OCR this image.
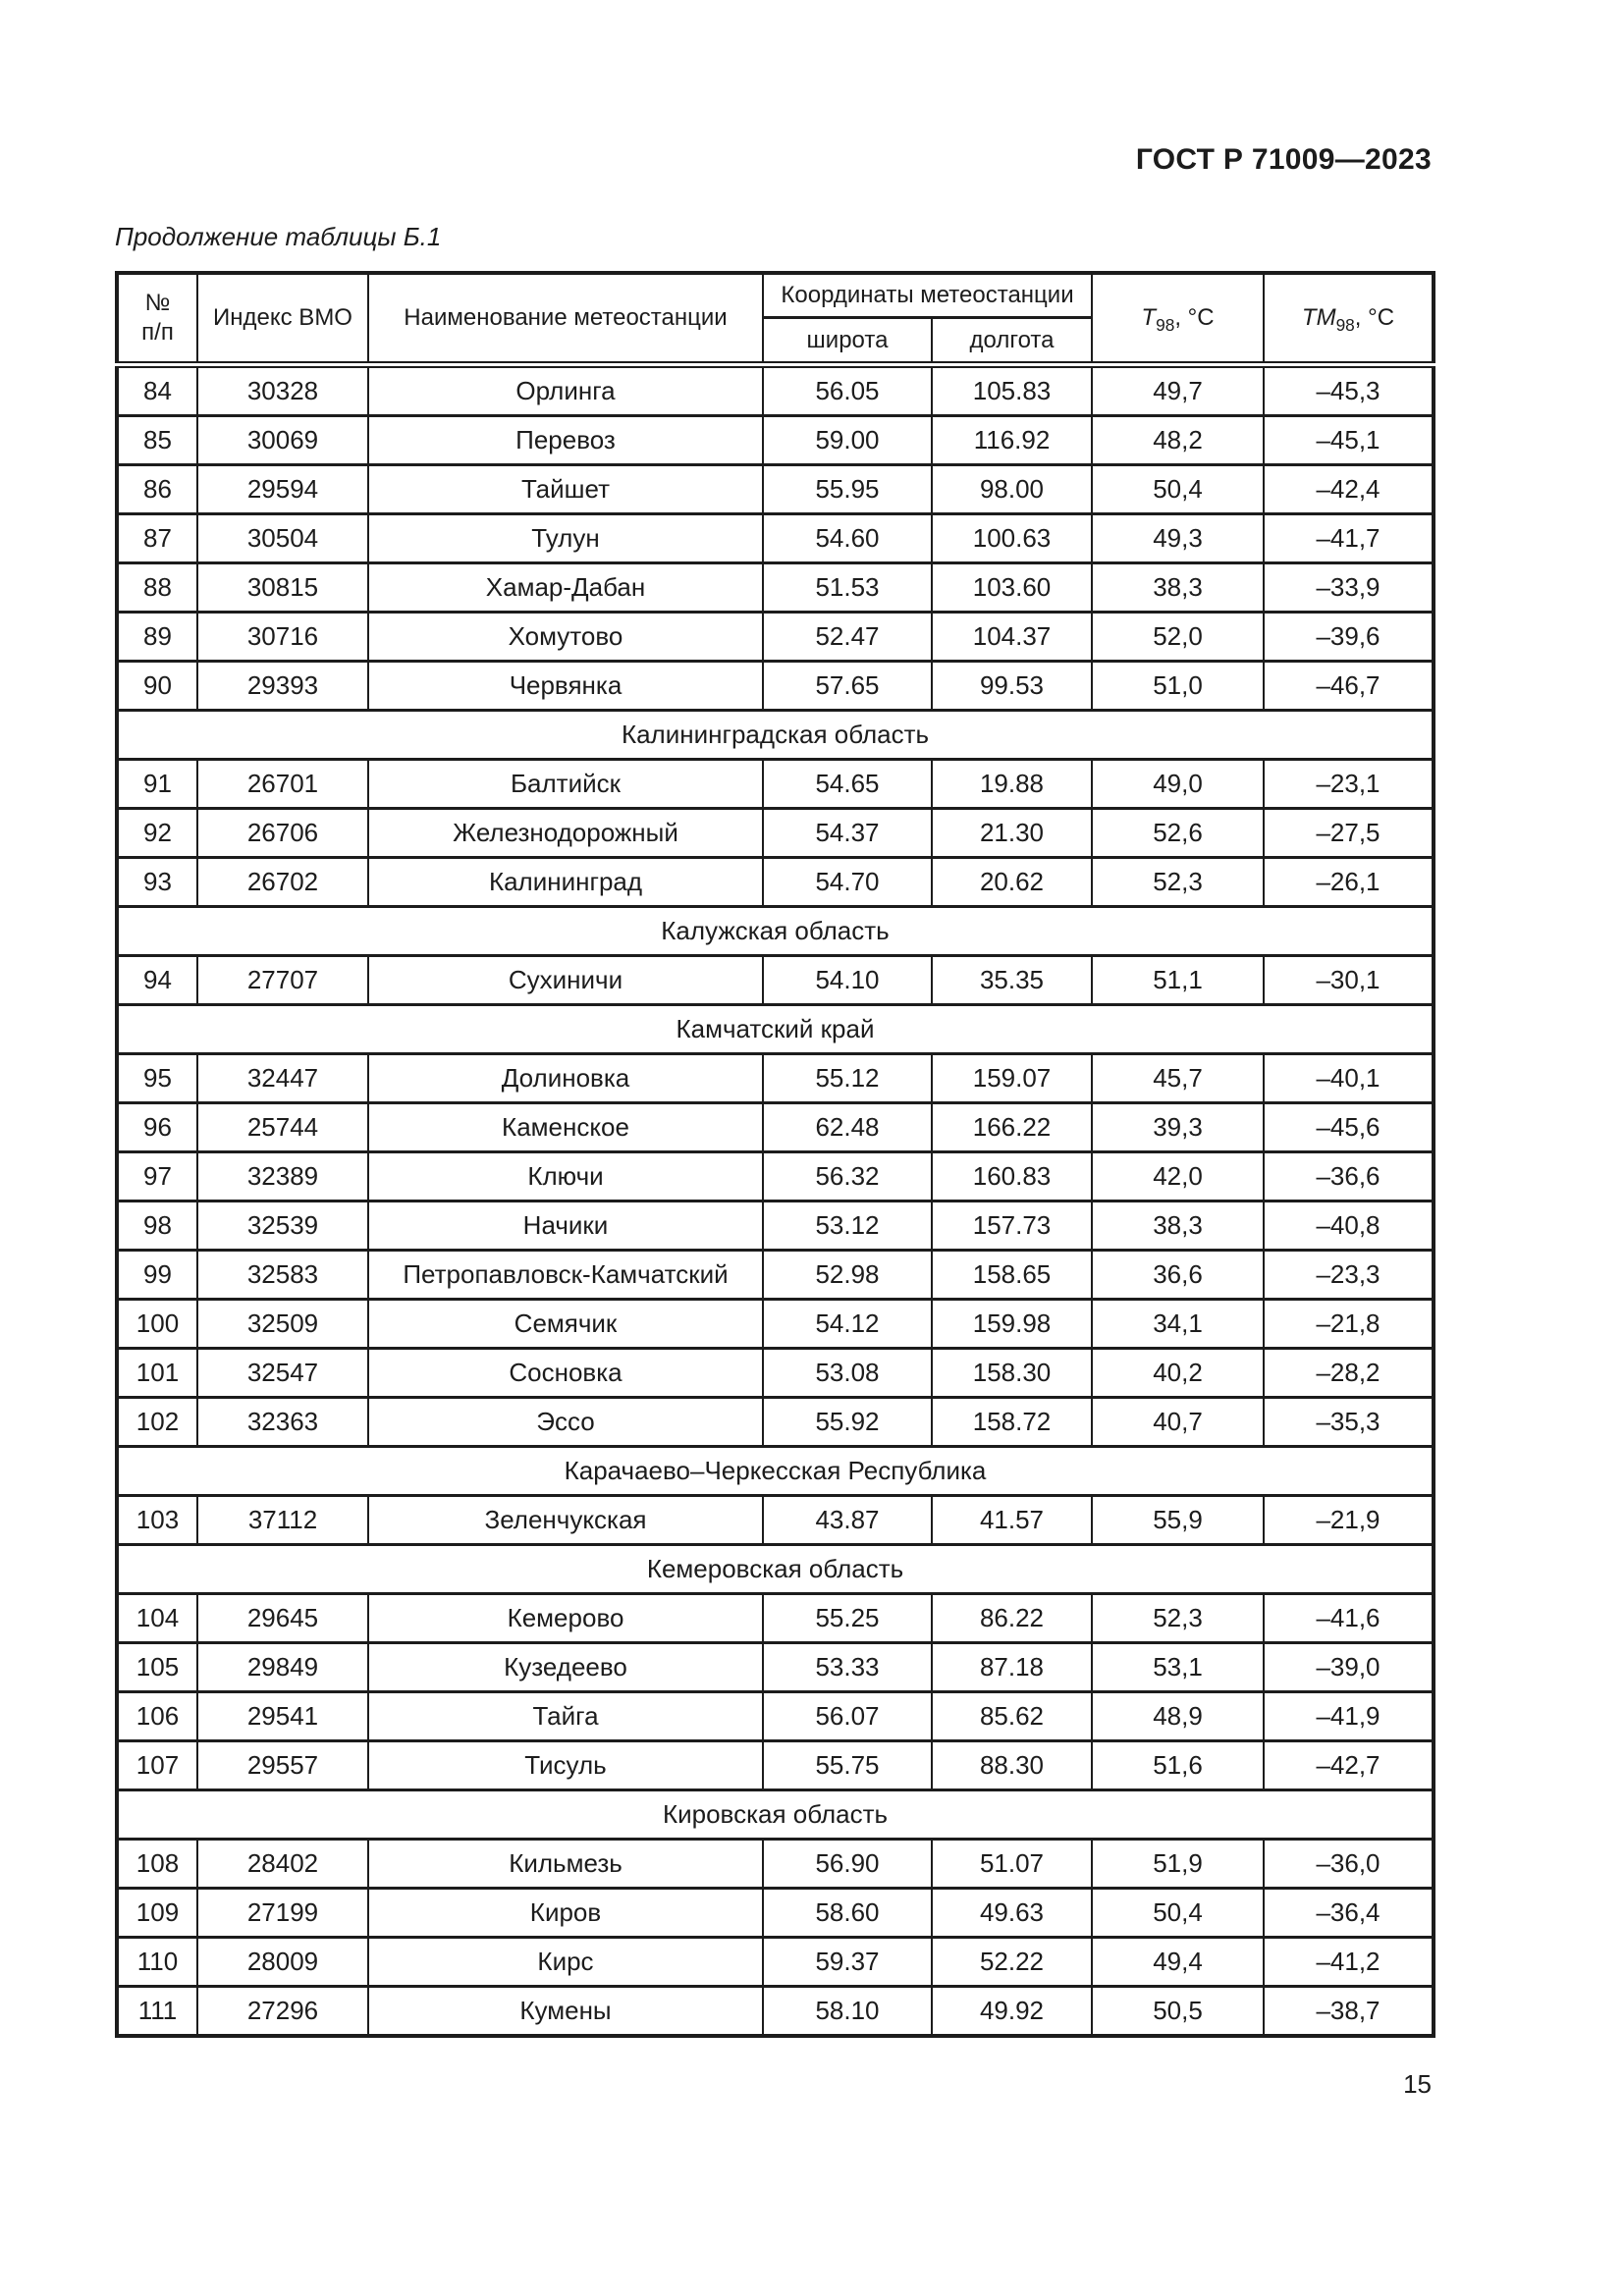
ГОСТ Р 71009—2023
Продолжение таблицы Б.1
№
п/п	Индекс ВМО	Наименование метеостанции	Координаты метеостанции		$T_{98}$, °C	$TM_{98}$, °C
			широта	долгота		
84	30328	Орлинга	56.05	105.83	49,7	–45,3
85	30069	Перевоз	59.00	116.92	48,2	–45,1
86	29594	Тайшет	55.95	98.00	50,4	–42,4
87	30504	Тулун	54.60	100.63	49,3	–41,7
88	30815	Хамар-Дабан	51.53	103.60	38,3	–33,9
89	30716	Хомутово	52.47	104.37	52,0	–39,6
90	29393	Червянка	57.65	99.53	51,0	–46,7
Калининградская область						
91	26701	Балтийск	54.65	19.88	49,0	–23,1
92	26706	Железнодорожный	54.37	21.30	52,6	–27,5
93	26702	Калининград	54.70	20.62	52,3	–26,1
Калужская область						
94	27707	Сухиничи	54.10	35.35	51,1	–30,1
Камчатский край						
95	32447	Долиновка	55.12	159.07	45,7	–40,1
96	25744	Каменское	62.48	166.22	39,3	–45,6
97	32389	Ключи	56.32	160.83	42,0	–36,6
98	32539	Начики	53.12	157.73	38,3	–40,8
99	32583	Петропавловск-Камчатский	52.98	158.65	36,6	–23,3
100	32509	Семячик	54.12	159.98	34,1	–21,8
101	32547	Сосновка	53.08	158.30	40,2	–28,2
102	32363	Эссо	55.92	158.72	40,7	–35,3
Карачаево–Черкесская Республика						
103	37112	Зеленчукская	43.87	41.57	55,9	–21,9
Кемеровская область						
104	29645	Кемерово	55.25	86.22	52,3	–41,6
105	29849	Кузедеево	53.33	87.18	53,1	–39,0
106	29541	Тайга	56.07	85.62	48,9	–41,9
107	29557	Тисуль	55.75	88.30	51,6	–42,7
Кировская область						
108	28402	Кильмезь	56.90	51.07	51,9	–36,0
109	27199	Киров	58.60	49.63	50,4	–36,4
110	28009	Кирс	59.37	52.22	49,4	–41,2
111	27296	Кумены	58.10	49.92	50,5	–38,7
15
